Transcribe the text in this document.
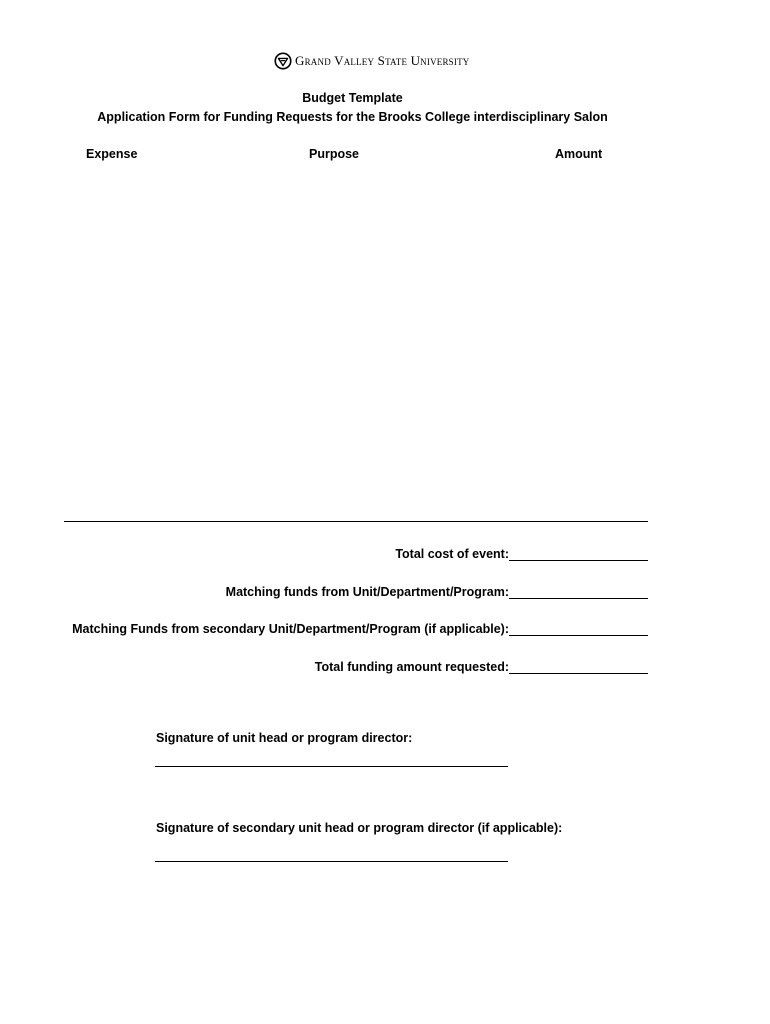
Grand Valley State University
Budget Template
Application Form for Funding Requests for the Brooks College interdisciplinary Salon
Expense	Purpose	Amount
Total cost of event:
Matching funds from Unit/Department/Program:
Matching Funds from secondary Unit/Department/Program (if applicable):
Total funding amount requested:
Signature of unit head or program director:
Signature of secondary unit head or program director (if applicable):
